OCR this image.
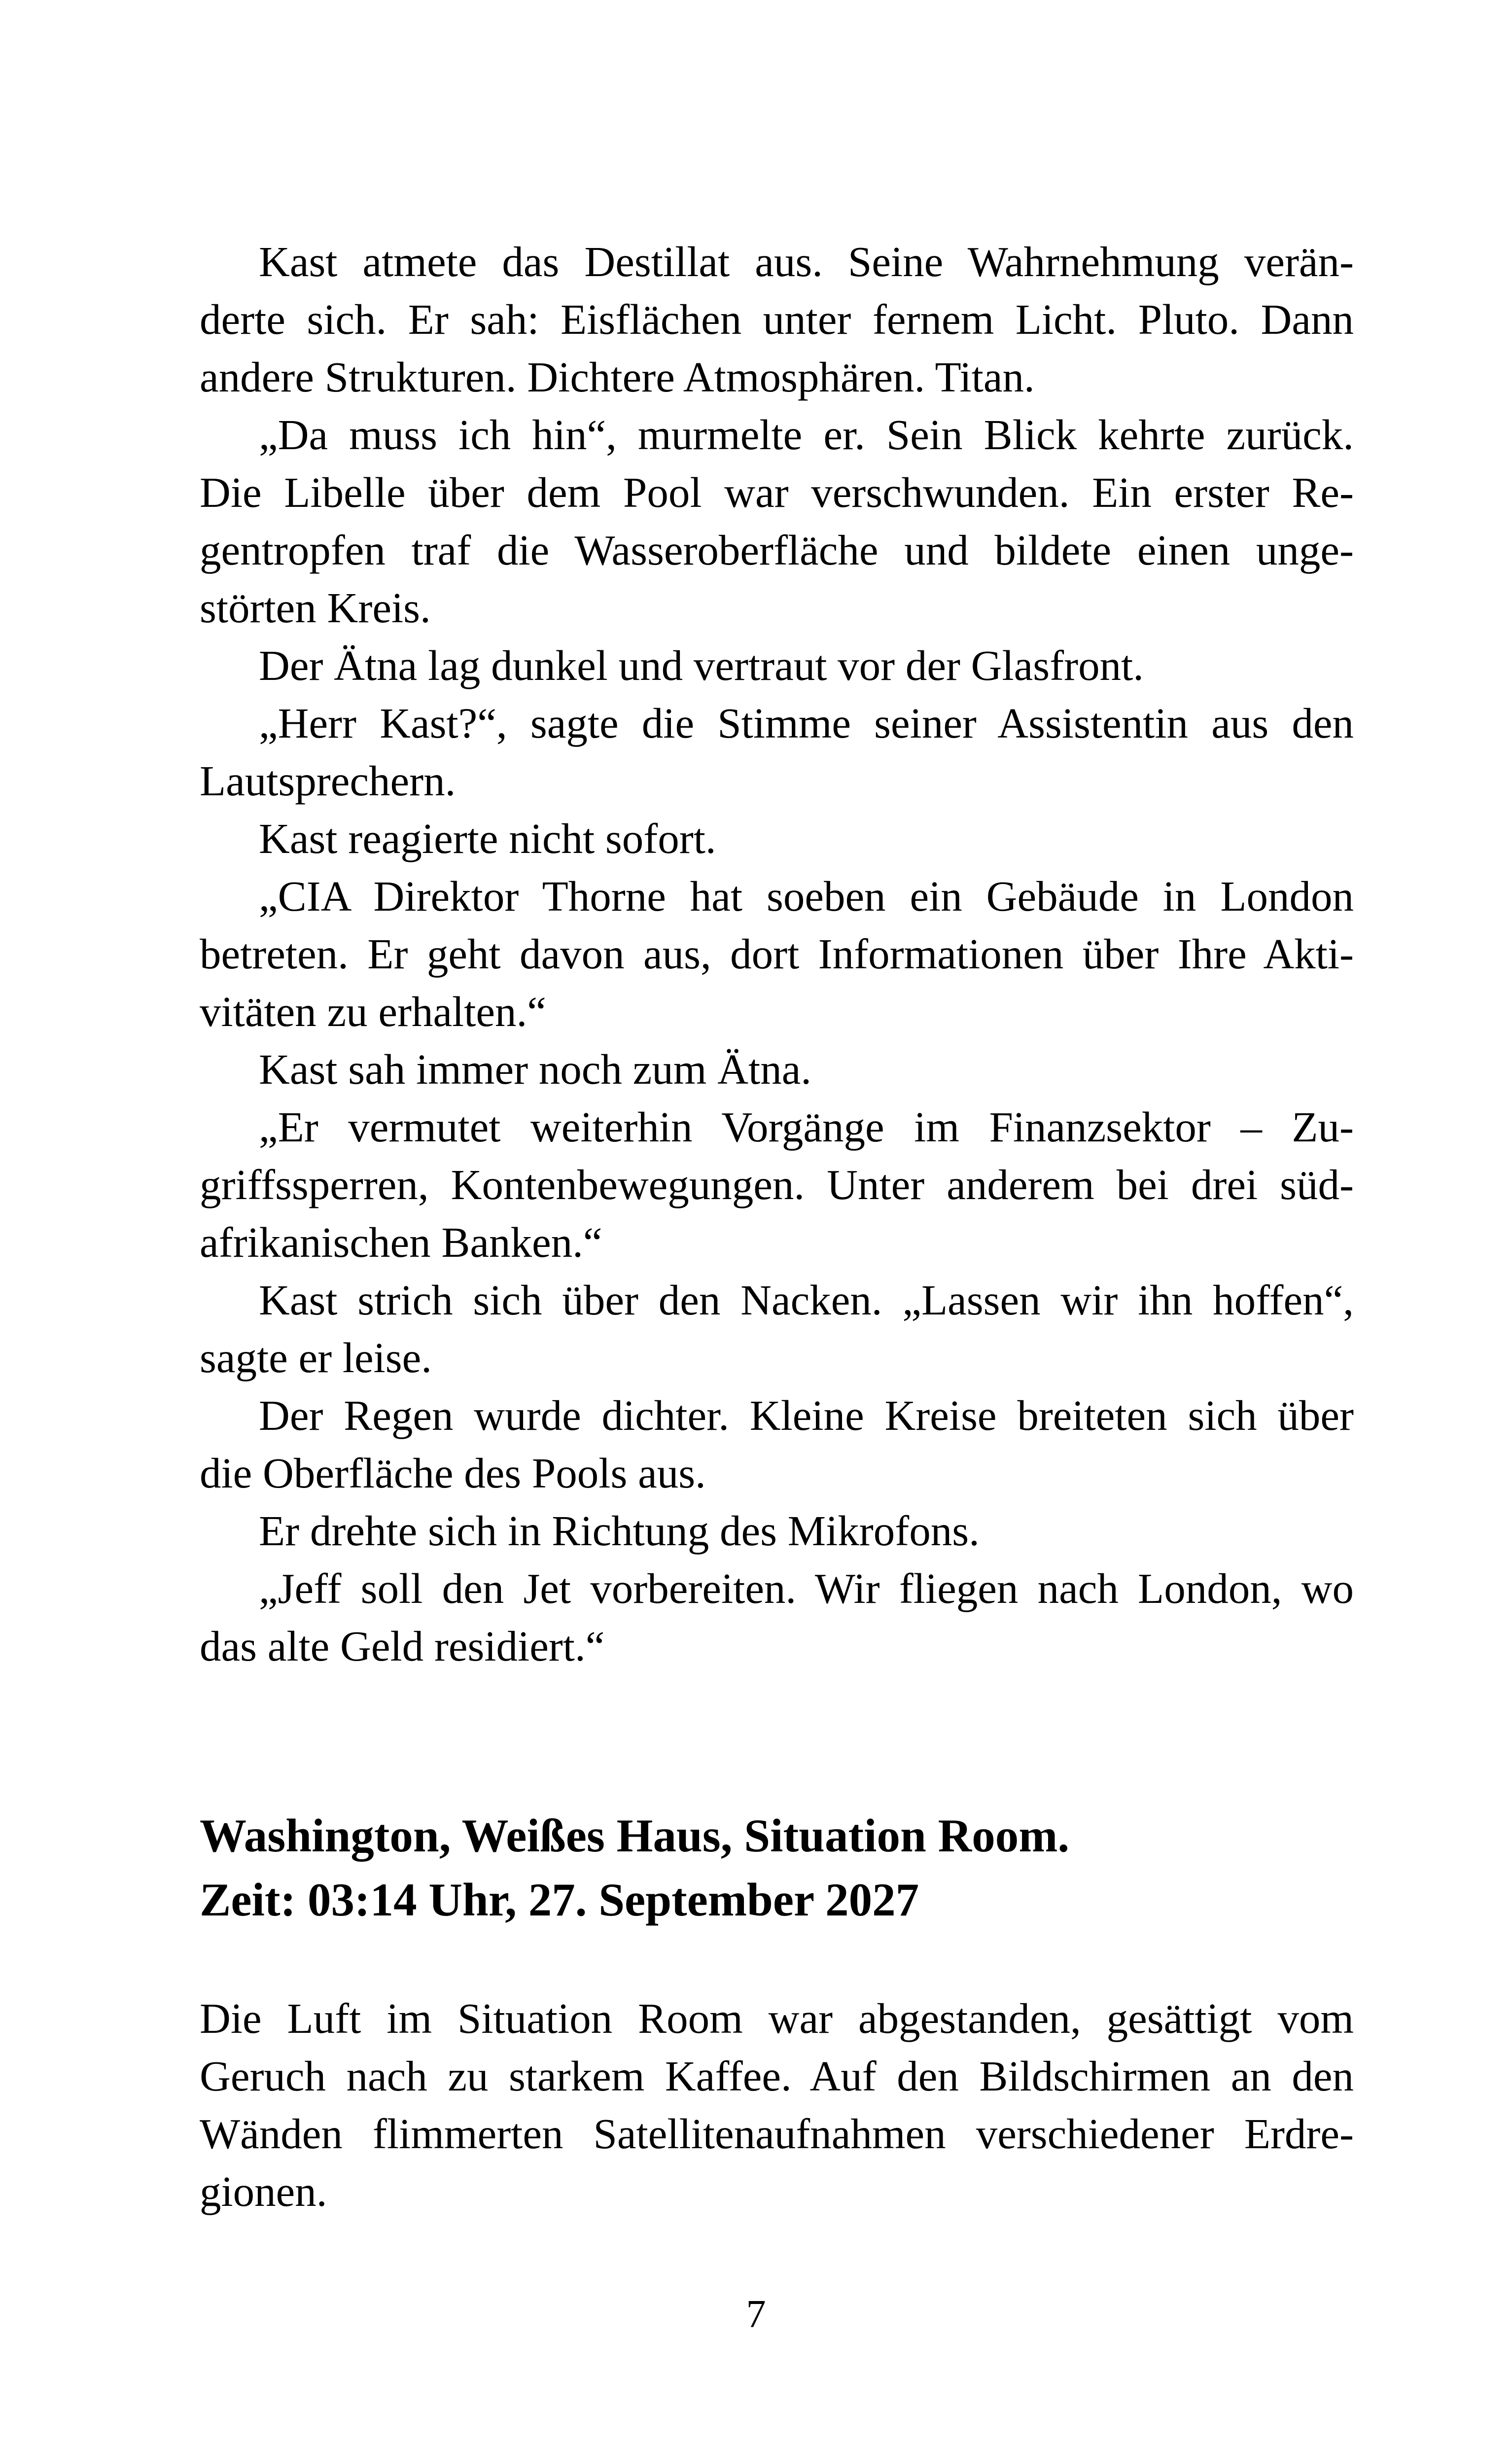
Kast atmete das Destillat aus. Seine Wahrnehmung verän-
derte sich. Er sah: Eisflächen unter fernem Licht. Pluto. Dann
andere Strukturen. Dichtere Atmosphären. Titan.
„Da muss ich hin“, murmelte er. Sein Blick kehrte zurück.
Die Libelle über dem Pool war verschwunden. Ein erster Re-
gentropfen traf die Wasseroberfläche und bildete einen unge-
störten Kreis.
Der Ätna lag dunkel und vertraut vor der Glasfront.
„Herr Kast?“, sagte die Stimme seiner Assistentin aus den
Lautsprechern.
Kast reagierte nicht sofort.
„CIA Direktor Thorne hat soeben ein Gebäude in London
betreten. Er geht davon aus, dort Informationen über Ihre Akti-
vitäten zu erhalten.“
Kast sah immer noch zum Ätna.
„Er vermutet weiterhin Vorgänge im Finanzsektor – Zu-
griffssperren, Kontenbewegungen. Unter anderem bei drei süd-
afrikanischen Banken.“
Kast strich sich über den Nacken. „Lassen wir ihn hoffen“,
sagte er leise.
Der Regen wurde dichter. Kleine Kreise breiteten sich über
die Oberfläche des Pools aus.
Er drehte sich in Richtung des Mikrofons.
„Jeff soll den Jet vorbereiten. Wir fliegen nach London, wo
das alte Geld residiert.“
Washington, Weißes Haus, Situation Room.
Zeit: 03:14 Uhr, 27. September 2027
Die Luft im Situation Room war abgestanden, gesättigt vom
Geruch nach zu starkem Kaffee. Auf den Bildschirmen an den
Wänden flimmerten Satellitenaufnahmen verschiedener Erdre-
gionen.
7
